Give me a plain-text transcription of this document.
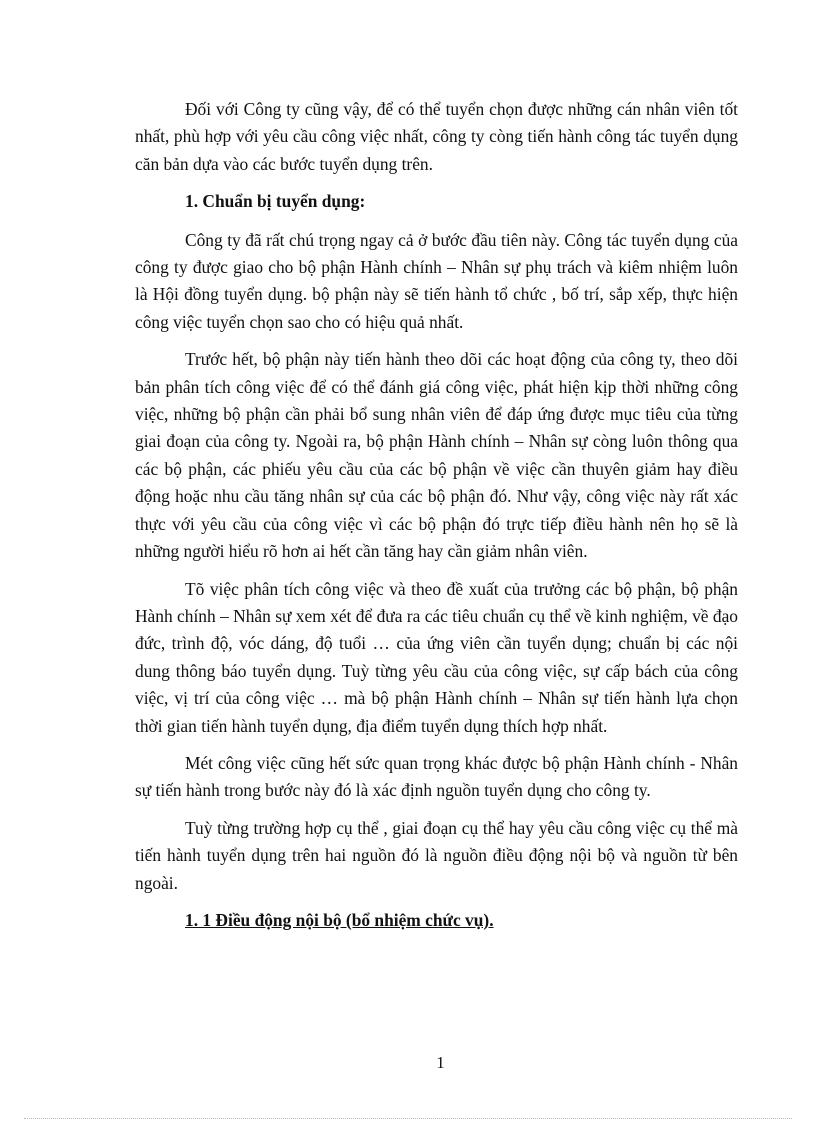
Đối với Công ty cũng vậy, để có thể tuyển chọn được những cán nhân viên tốt nhất, phù hợp với yêu cầu công việc nhất, công ty còng tiến hành công tác tuyển dụng căn bản dựa vào các bước tuyển dụng trên.

1. Chuẩn bị tuyển dụng:

Công ty đã rất chú trọng ngay cả ở bước đầu tiên này. Công tác tuyển dụng của công ty được giao cho bộ phận Hành chính – Nhân sự phụ trách và kiêm nhiệm luôn là Hội đồng tuyển dụng. bộ phận này sẽ tiến hành tổ chức , bố trí, sắp xếp, thực hiện công việc tuyển chọn sao cho có hiệu quả nhất.

Trước hết, bộ phận này tiến hành theo dõi các hoạt động của công ty, theo dõi bản phân tích công việc để có thể đánh giá công việc, phát hiện kịp thời những công việc, những bộ phận cần phải bổ sung nhân viên để đáp ứng được mục tiêu của từng giai đoạn của công ty. Ngoài ra, bộ phận Hành chính – Nhân sự còng luôn thông qua các bộ phận, các phiếu yêu cầu của các bộ phận về việc cần thuyên giảm hay điều động hoặc nhu cầu tăng nhân sự của các bộ phận đó. Như vậy, công việc này rất xác thực với yêu cầu của công việc vì các bộ phận đó trực tiếp điều hành nên họ sẽ là những người hiểu rõ hơn ai hết cần tăng hay cần giảm nhân viên.

Tõ việc phân tích công việc và theo đề xuất của trưởng các bộ phận, bộ phận Hành chính – Nhân sự xem xét để đưa ra các tiêu chuẩn cụ thể về kinh nghiệm, về đạo đức, trình độ, vóc dáng, độ tuổi … của ứng viên cần tuyển dụng; chuẩn bị các nội dung thông báo tuyển dụng. Tuỳ từng yêu cầu của công việc, sự cấp bách của công việc, vị trí của công việc … mà bộ phận Hành chính – Nhân sự tiến hành lựa chọn thời gian tiến hành tuyển dụng, địa điểm tuyển dụng thích hợp nhất.

Mét công việc cũng hết sức quan trọng khác được bộ phận Hành chính - Nhân sự tiến hành trong bước này đó là xác định nguồn tuyển dụng cho công ty.

Tuỳ từng trường hợp cụ thể , giai đoạn cụ thể hay yêu cầu công việc cụ thể mà tiến hành tuyển dụng trên hai nguồn đó là nguồn điều động nội bộ và nguồn từ bên ngoài.

1. 1 Điều động nội bộ (bổ nhiệm chức vụ).

1
